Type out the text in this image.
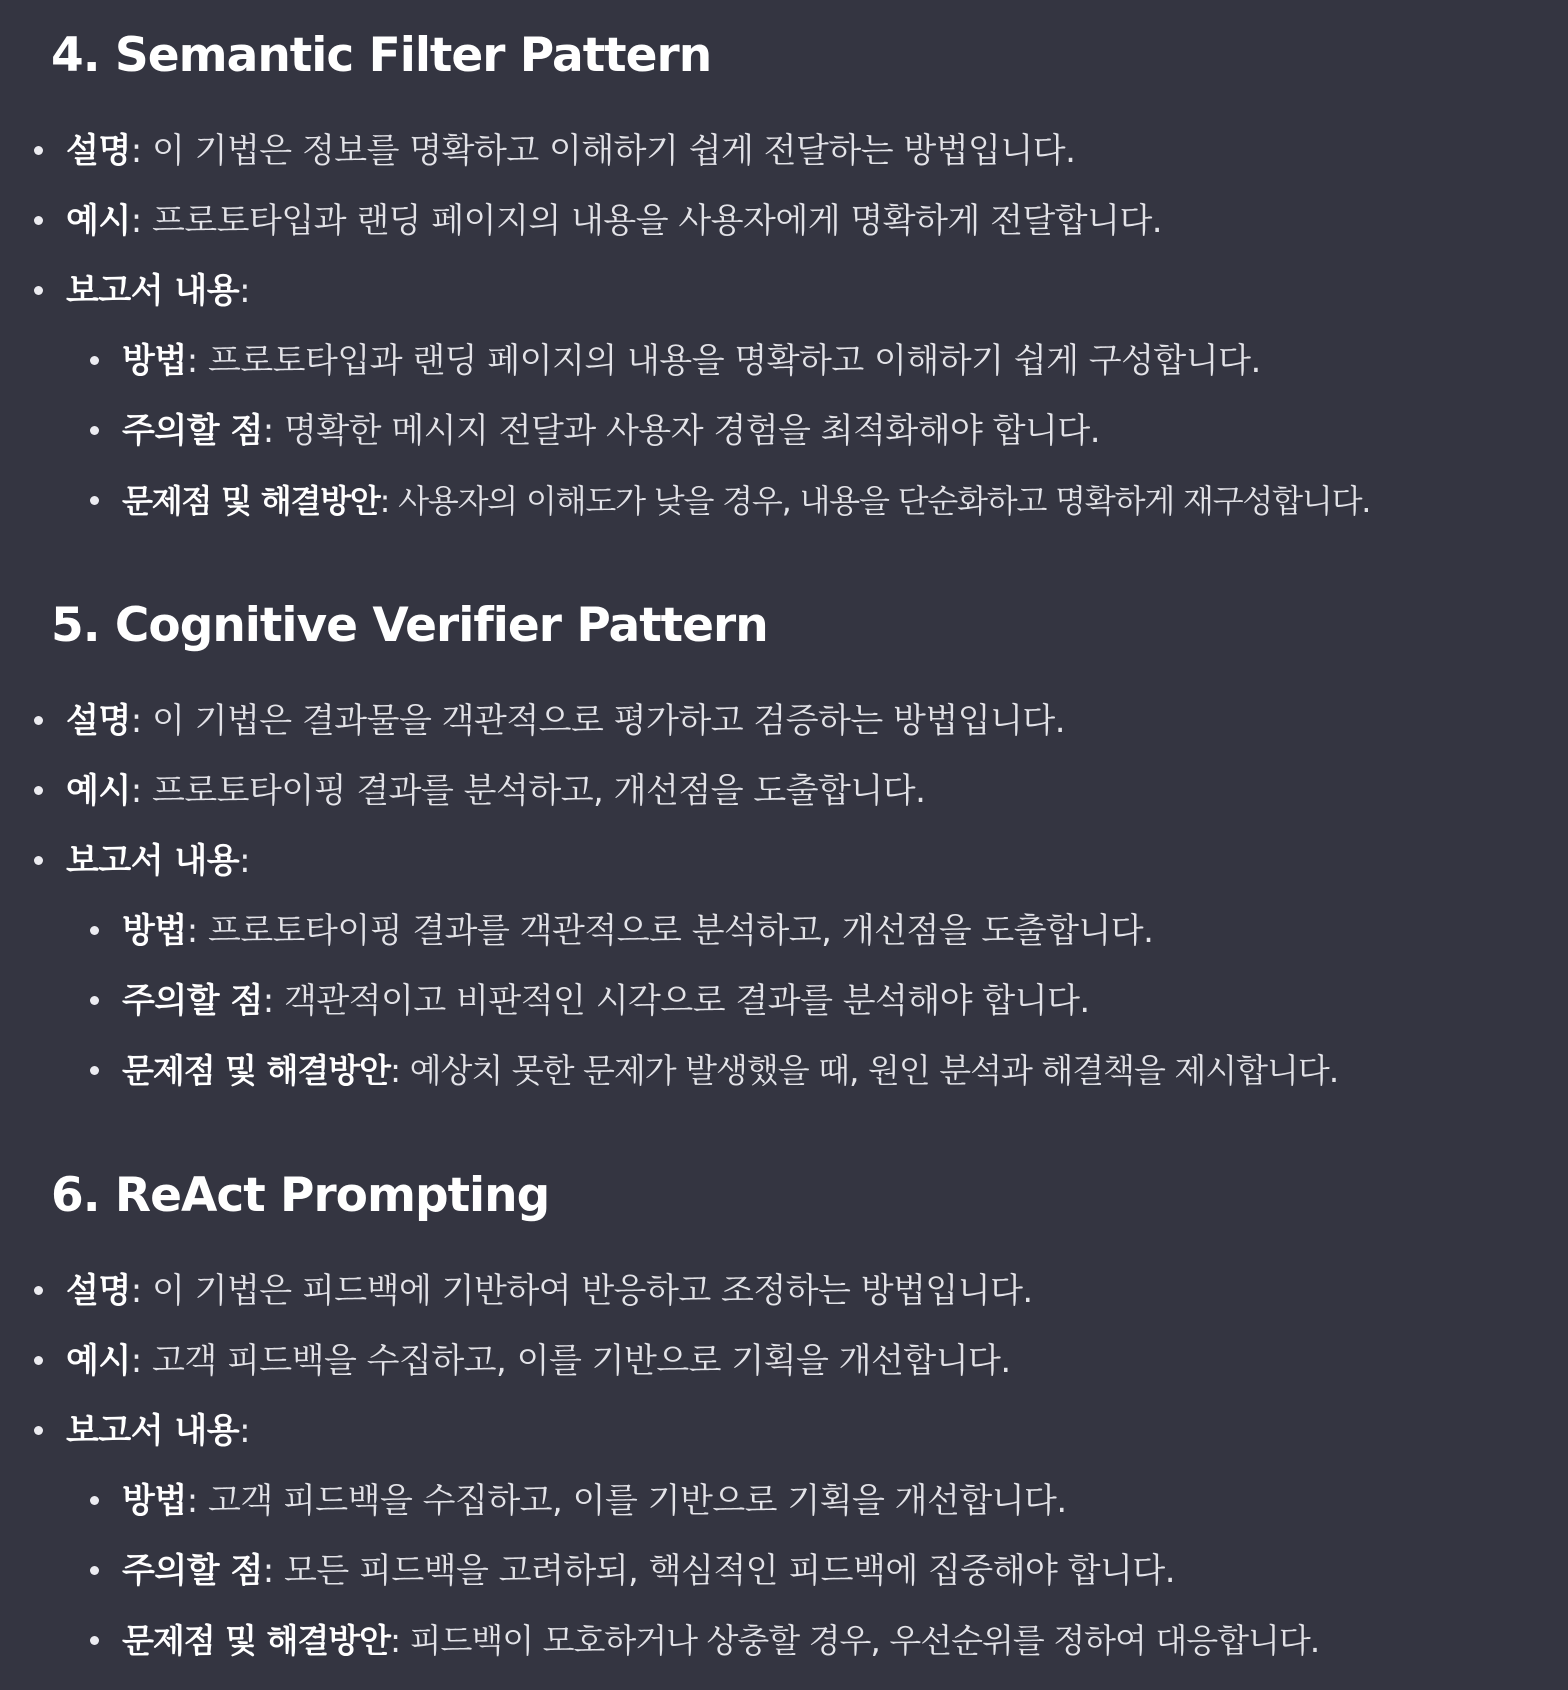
4. Semantic Filter Pattern
설명: 이 기법은 정보를 명확하고 이해하기 쉽게 전달하는 방법입니다.
예시: 프로토타입과 랜딩 페이지의 내용을 사용자에게 명확하게 전달합니다.
보고서 내용:
방법: 프로토타입과 랜딩 페이지의 내용을 명확하고 이해하기 쉽게 구성합니다.
주의할 점: 명확한 메시지 전달과 사용자 경험을 최적화해야 합니다.
문제점 및 해결방안: 사용자의 이해도가 낮을 경우, 내용을 단순화하고 명확하게 재구성합니다.
5. Cognitive Verifier Pattern
설명: 이 기법은 결과물을 객관적으로 평가하고 검증하는 방법입니다.
예시: 프로토타이핑 결과를 분석하고, 개선점을 도출합니다.
보고서 내용:
방법: 프로토타이핑 결과를 객관적으로 분석하고, 개선점을 도출합니다.
주의할 점: 객관적이고 비판적인 시각으로 결과를 분석해야 합니다.
문제점 및 해결방안: 예상치 못한 문제가 발생했을 때, 원인 분석과 해결책을 제시합니다.
6. ReAct Prompting
설명: 이 기법은 피드백에 기반하여 반응하고 조정하는 방법입니다.
예시: 고객 피드백을 수집하고, 이를 기반으로 기획을 개선합니다.
보고서 내용:
방법: 고객 피드백을 수집하고, 이를 기반으로 기획을 개선합니다.
주의할 점: 모든 피드백을 고려하되, 핵심적인 피드백에 집중해야 합니다.
문제점 및 해결방안: 피드백이 모호하거나 상충할 경우, 우선순위를 정하여 대응합니다.
